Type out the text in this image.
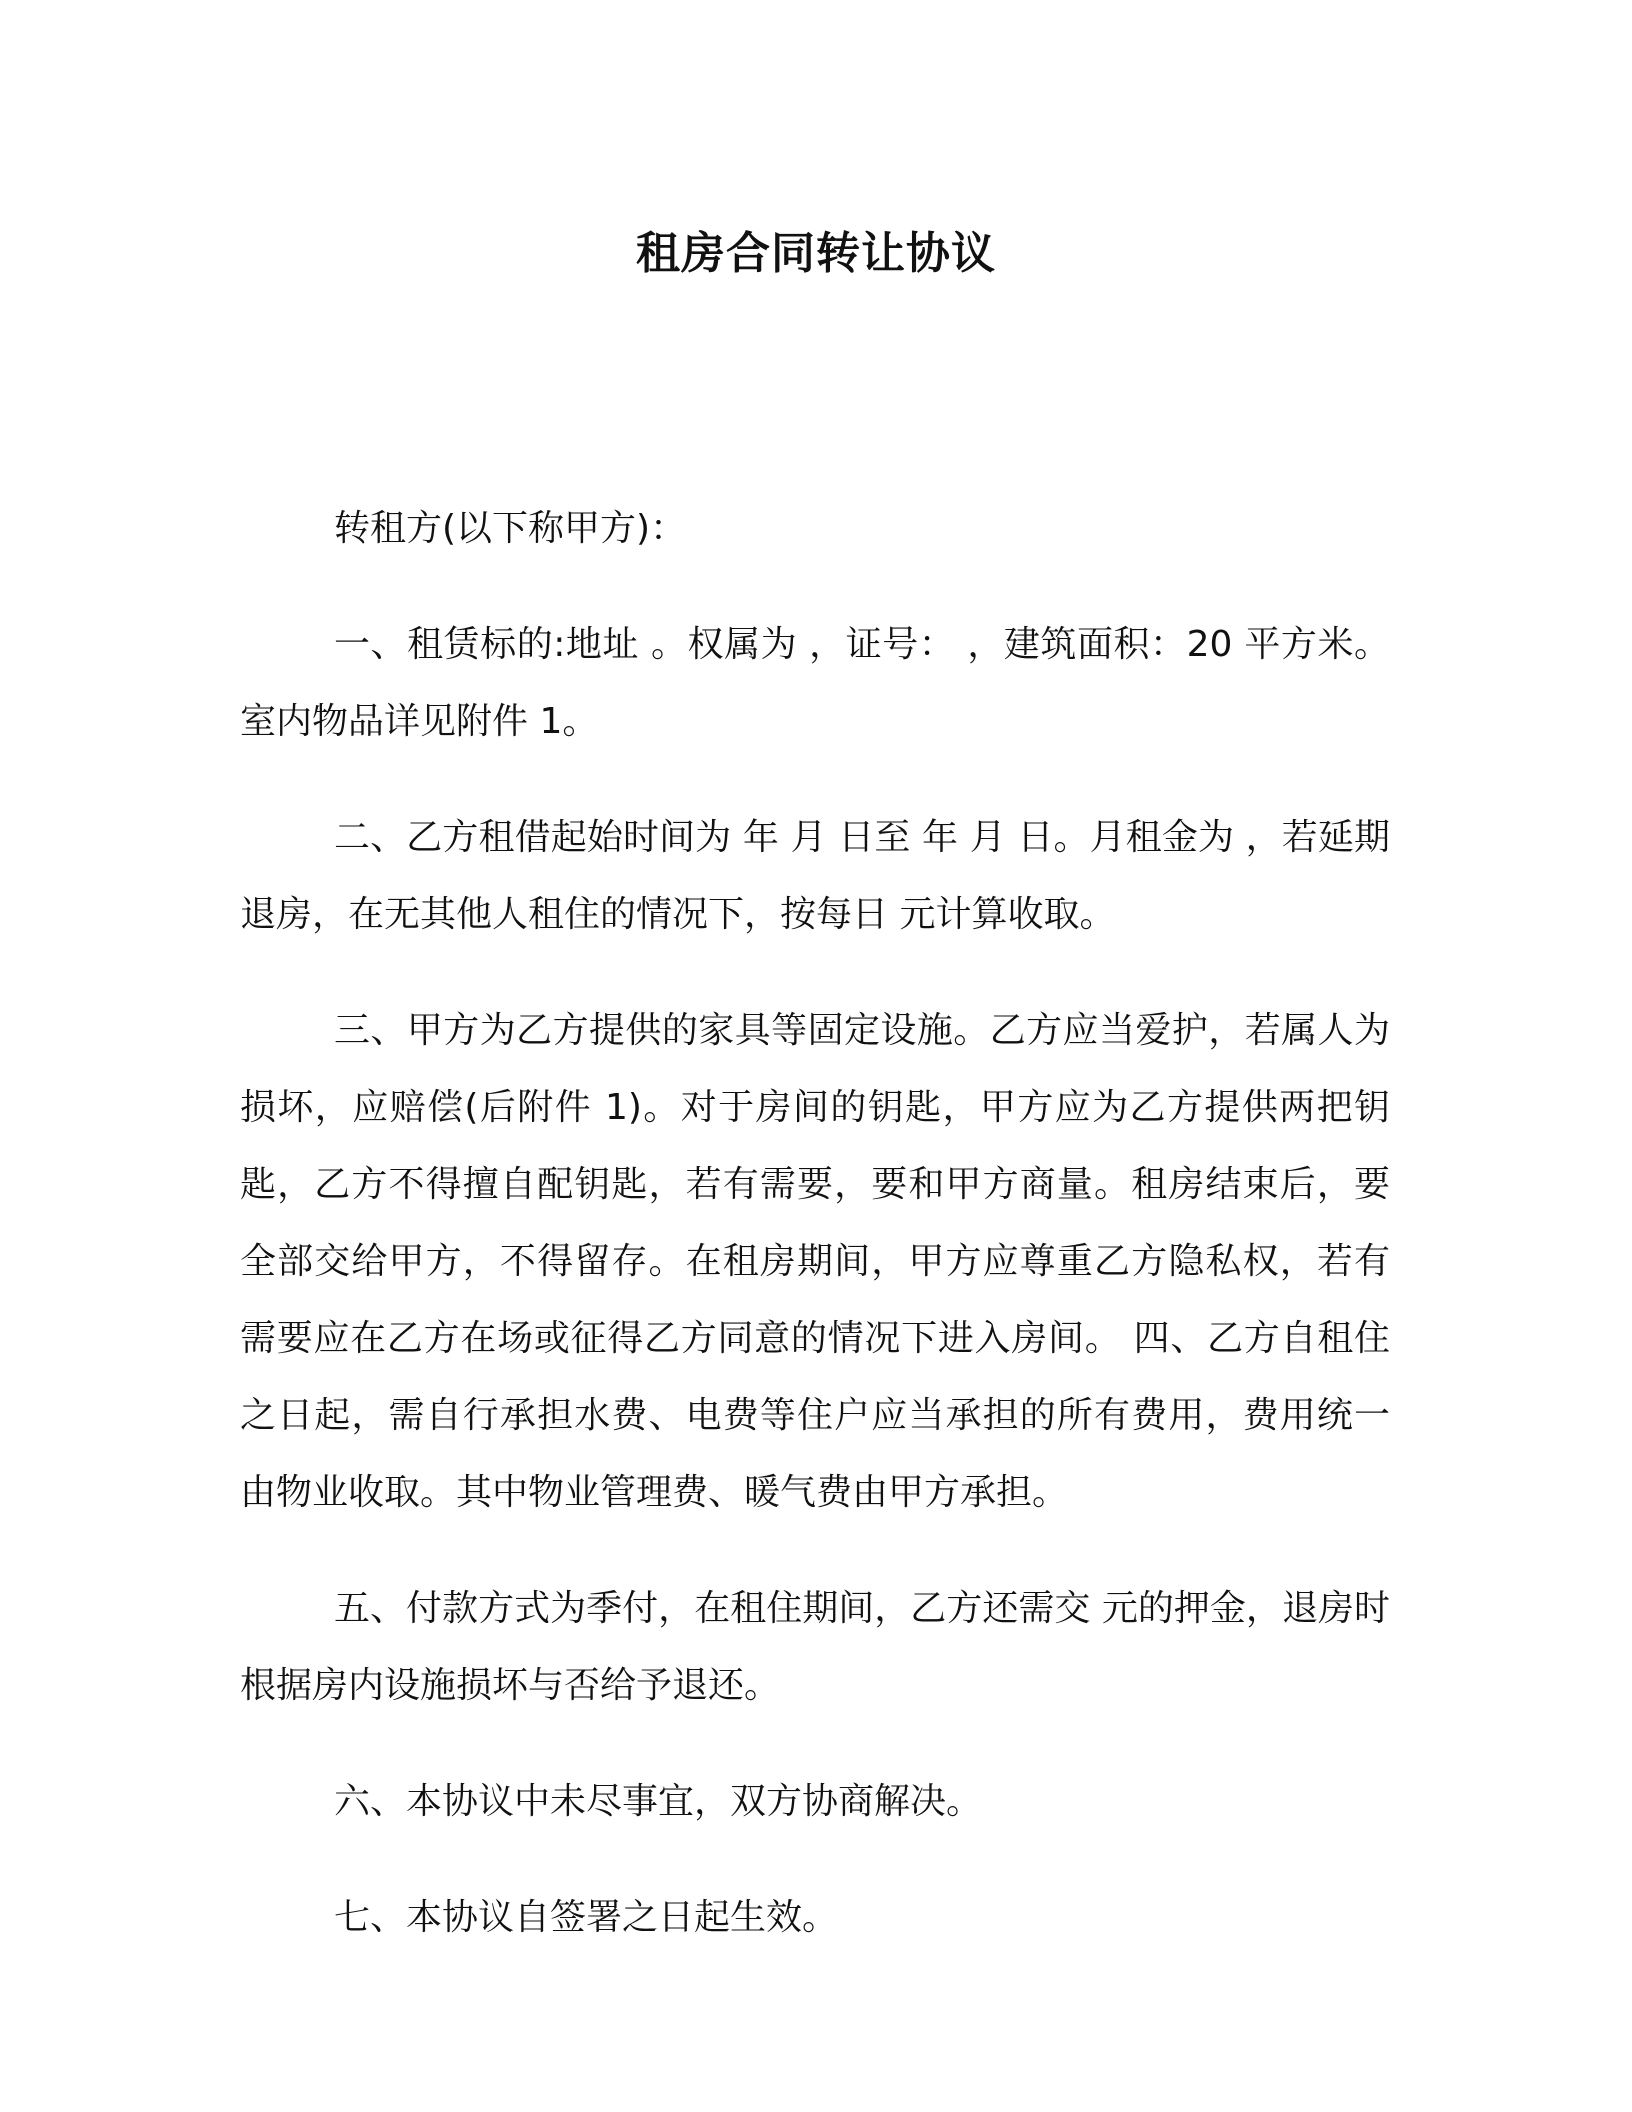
租房合同转让协议

转租方(以下称甲方)：

一、租赁标的:地址 。权属为 ，证号： ，建筑面积：20 平方米。室内物品详见附件 1。

二、乙方租借起始时间为 年 月 日至 年 月 日。月租金为 ，若延期退房，在无其他人租住的情况下，按每日 元计算收取。

三、甲方为乙方提供的家具等固定设施。乙方应当爱护，若属人为损坏，应赔偿(后附件 1)。对于房间的钥匙，甲方应为乙方提供两把钥匙，乙方不得擅自配钥匙，若有需要，要和甲方商量。租房结束后，要全部交给甲方，不得留存。在租房期间，甲方应尊重乙方隐私权，若有需要应在乙方在场或征得乙方同意的情况下进入房间。 四、乙方自租住之日起，需自行承担水费、电费等住户应当承担的所有费用，费用统一由物业收取。其中物业管理费、暖气费由甲方承担。

五、付款方式为季付，在租住期间，乙方还需交 元的押金，退房时根据房内设施损坏与否给予退还。

六、本协议中未尽事宜，双方协商解决。

七、本协议自签署之日起生效。
